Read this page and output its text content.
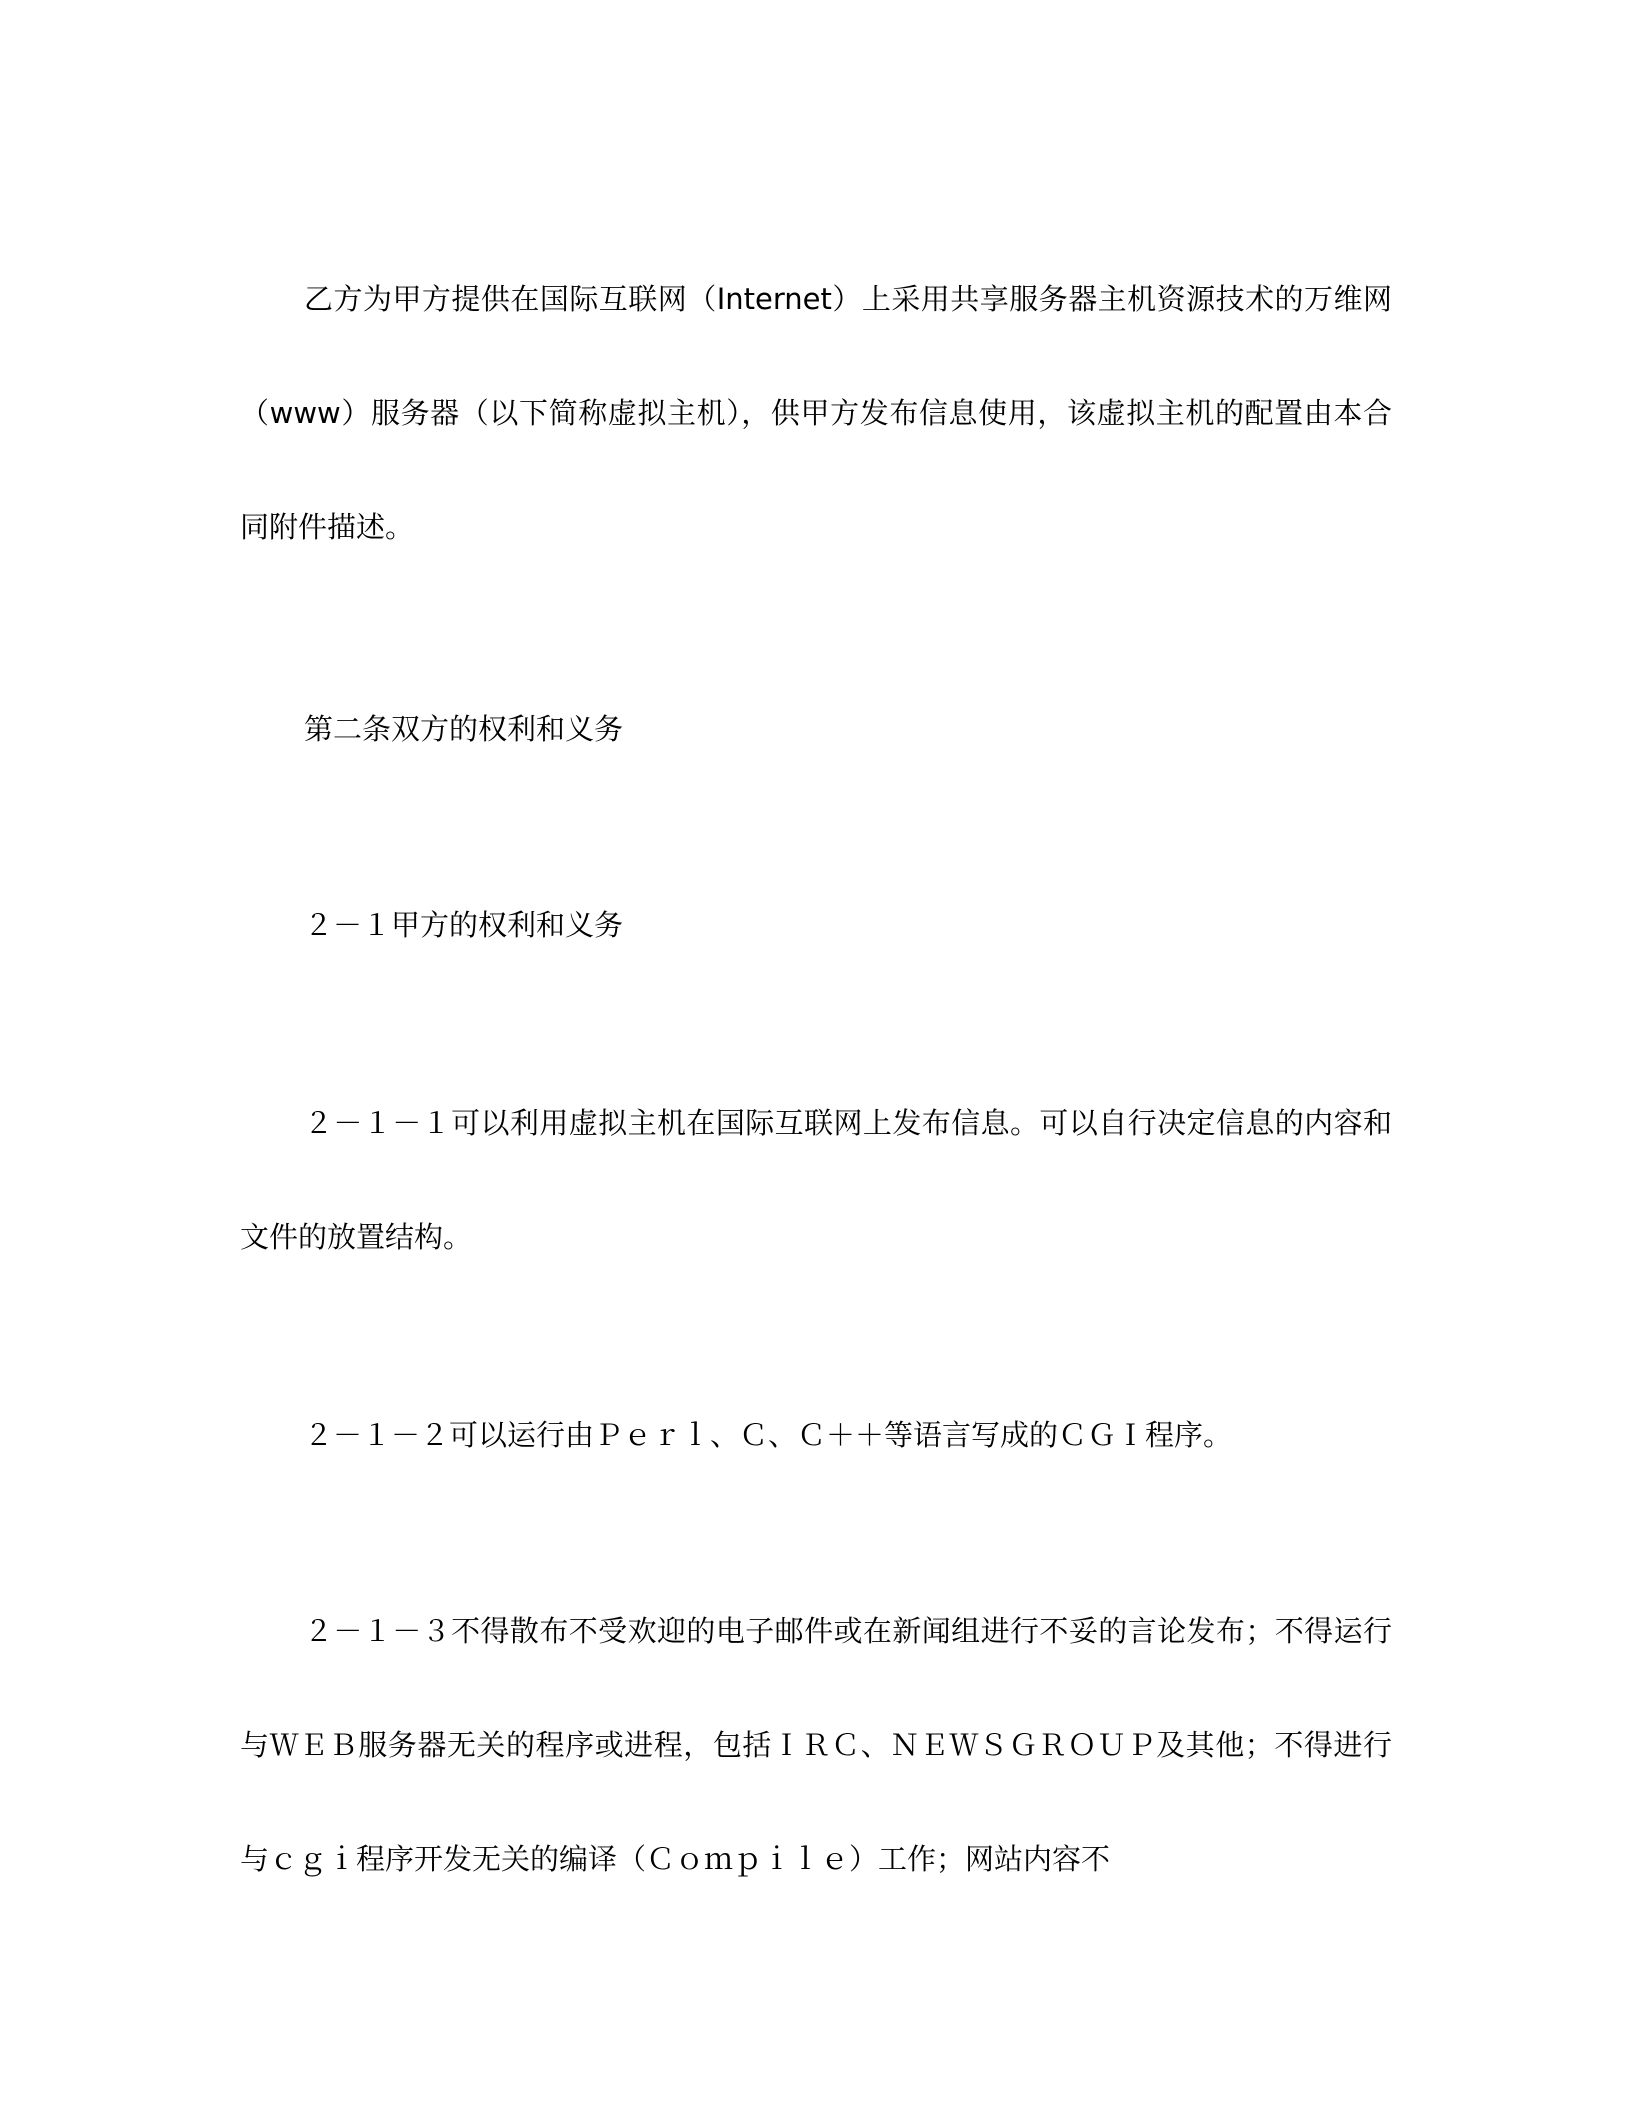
乙方为甲方提供在国际互联网（Internet）上采用共享服务器主机资源技术的万维网（www）服务器（以下简称虚拟主机），供甲方发布信息使用，该虚拟主机的配置由本合同附件描述。

第二条双方的权利和义务

２－１甲方的权利和义务

２－１－１可以利用虚拟主机在国际互联网上发布信息。可以自行决定信息的内容和文件的放置结构。

２－１－２可以运行由Ｐｅｒｌ、Ｃ、Ｃ＋＋等语言写成的ＣＧＩ程序。

２－１－３不得散布不受欢迎的电子邮件或在新闻组进行不妥的言论发布；不得运行与ＷＥＢ服务器无关的程序或进程，包括ＩＲＣ、ＮＥＷＳＧＲＯＵＰ及其他；不得进行与ｃｇｉ程序开发无关的编译（Ｃｏｍｐｉｌｅ）工作；网站内容不
